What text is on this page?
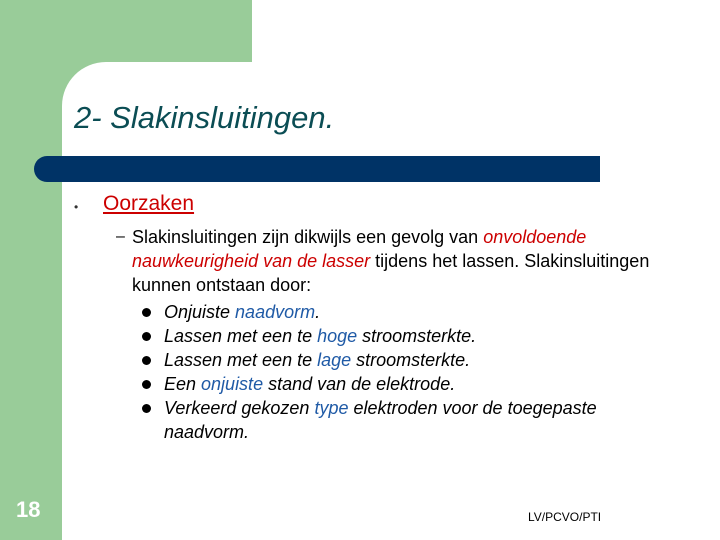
2- Slakinsluitingen.
• Oorzaken
– Slakinsluitingen zijn dikwijls een gevolg van onvoldoende nauwkeurigheid van de lasser tijdens het lassen. Slakinsluitingen kunnen ontstaan door:

Onjuiste naadvorm.
Lassen met een te hoge stroomsterkte.
Lassen met een te lage stroomsterkte.
Een onjuiste stand van de elektrode.
Verkeerd gekozen type elektroden voor de toegepaste naadvorm.
18	LV/PCVO/PTI
